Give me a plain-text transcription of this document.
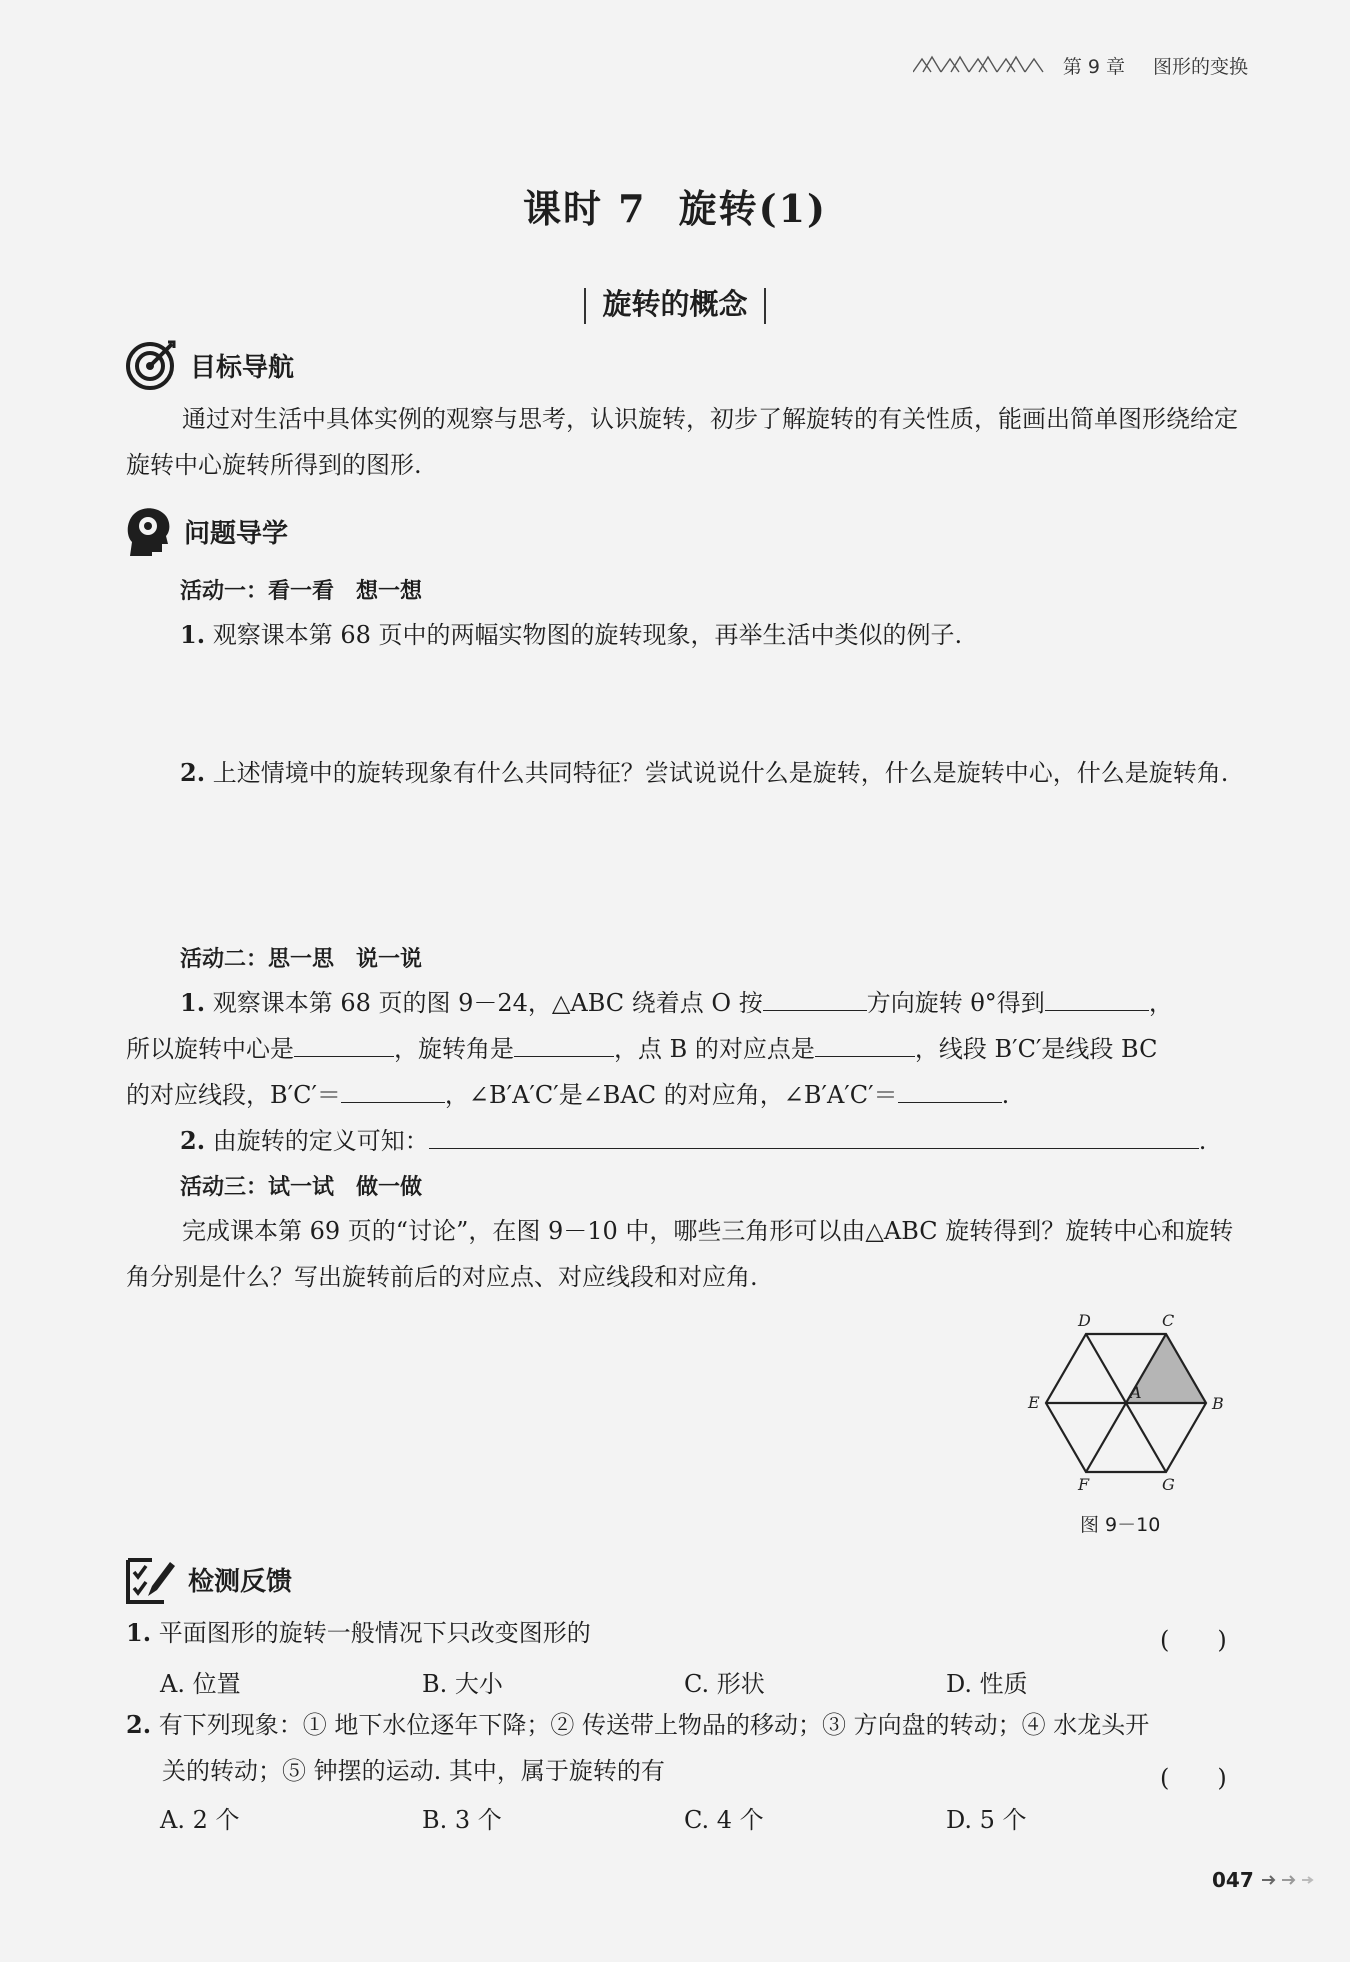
第 9 章 图形的变换
课时 7 旋转(1)
旋转的概念
目标导航
通过对生活中具体实例的观察与思考，认识旋转，初步了解旋转的有关性质，能画出简单图形绕给定旋转中心旋转所得到的图形.
问题导学
活动一：看一看　想一想
1. 观察课本第 68 页中的两幅实物图的旋转现象，再举生活中类似的例子.
2. 上述情境中的旋转现象有什么共同特征？尝试说说什么是旋转，什么是旋转中心，什么是旋转角.
活动二：思一思　说一说
1. 观察课本第 68 页的图 9－24，△ABC 绕着点 O 按	方向旋转 θ°得到	，
所以旋转中心是	，旋转角是	，点 B 的对应点是	，线段 B′C′是线段 BC
的对应线段，B′C′＝	，∠B′A′C′是∠BAC 的对应角，∠B′A′C′＝	.
2. 由旋转的定义可知：	.
活动三：试一试　做一做
完成课本第 69 页的“讨论”，在图 9－10 中，哪些三角形可以由△ABC 旋转得到？旋转中心和旋转角分别是什么？写出旋转前后的对应点、对应线段和对应角.
D	C
E
A
B
F	G
图 9－10
检测反馈
1. 平面图形的旋转一般情况下只改变图形的	(　　)
A. 位置	B. 大小	C. 形状	D. 性质
2. 有下列现象：① 地下水位逐年下降；② 传送带上物品的移动；③ 方向盘的转动；④ 水龙头开
关的转动；⑤ 钟摆的运动. 其中，属于旋转的有	(　　)
A. 2 个	B. 3 个	C. 4 个	D. 5 个
047
